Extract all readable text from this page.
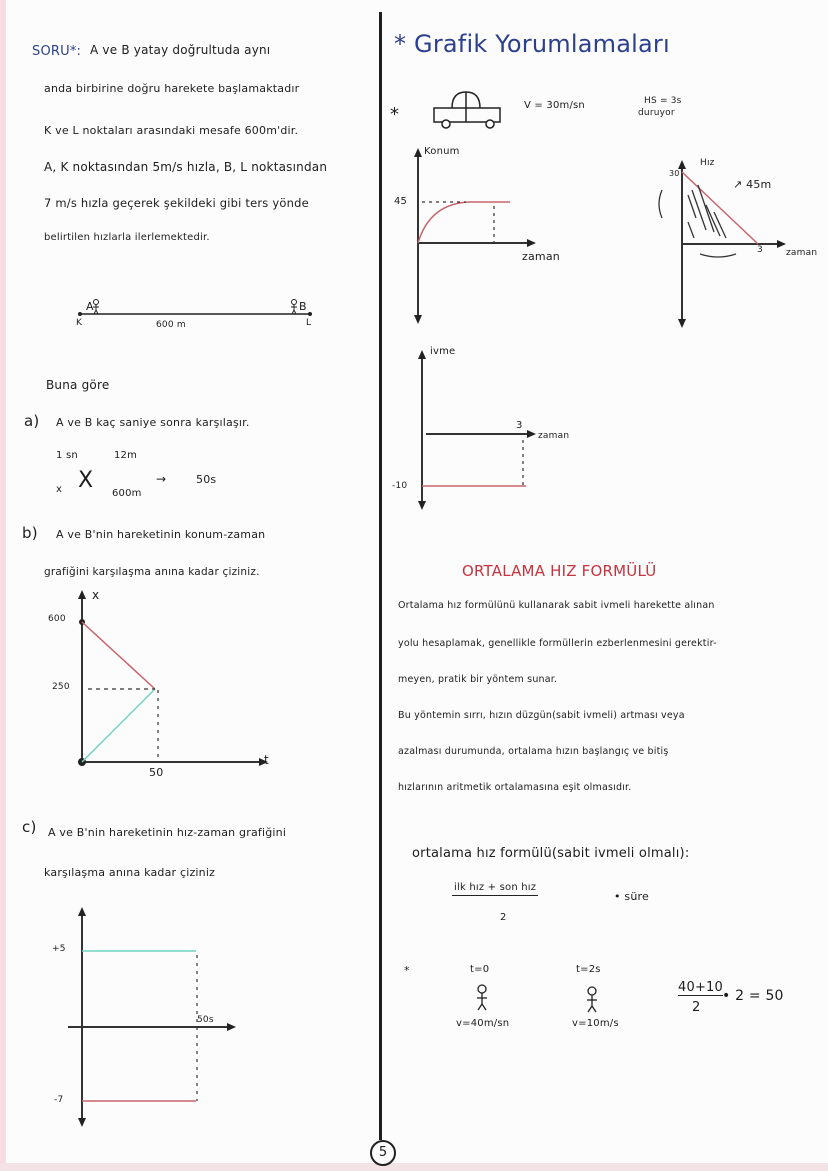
SORU*: A ve B yatay doğrultuda aynı
anda birbirine doğru harekete başlamaktadır
K ve L noktaları arasındaki mesafe 600m'dir.
A, K noktasından 5m/s hızla, B, L noktasından
7 m/s hızla geçerek şekildeki gibi ters yönde
belirtilen hızlarla ilerlemektedir.
A	B
K	L
600 m
Buna göre
a) A ve B kaç saniye sonra karşılaşır.
1 sn	12m
x X
600m
→	50s
b) A ve B'nin hareketinin konum-zaman
grafiğini karşılaşma anına kadar çiziniz.
x
600
250
50
t
c) A ve B'nin hareketinin hız-zaman grafiğini
karşılaşma anına kadar çiziniz
+5
-7
50s
* Grafik Yorumlamaları
*	V = 30m/sn	HS = 3s
duruyor
Konum
45
zaman
Hız
30
↗ 45m
3	zaman
ivme
3
zaman
-10
ORTALAMA HIZ FORMÜLÜ
Ortalama hız formülünü kullanarak sabit ivmeli harekette alınan
yolu hesaplamak, genellikle formüllerin ezberlenmesini gerektir-
meyen, pratik bir yöntem sunar.
Bu yöntemin sırrı, hızın düzgün(sabit ivmeli) artması veya
azalması durumunda, ortalama hızın başlangıç ve bitiş
hızlarının aritmetik ortalamasına eşit olmasıdır.
ortalama hız formülü(sabit ivmeli olmalı):
ilk hız + son hız
2
• süre
*	t=0
v=40m/sn
t=2s
v=10m/s
40+10
2
• 2 = 50
5
